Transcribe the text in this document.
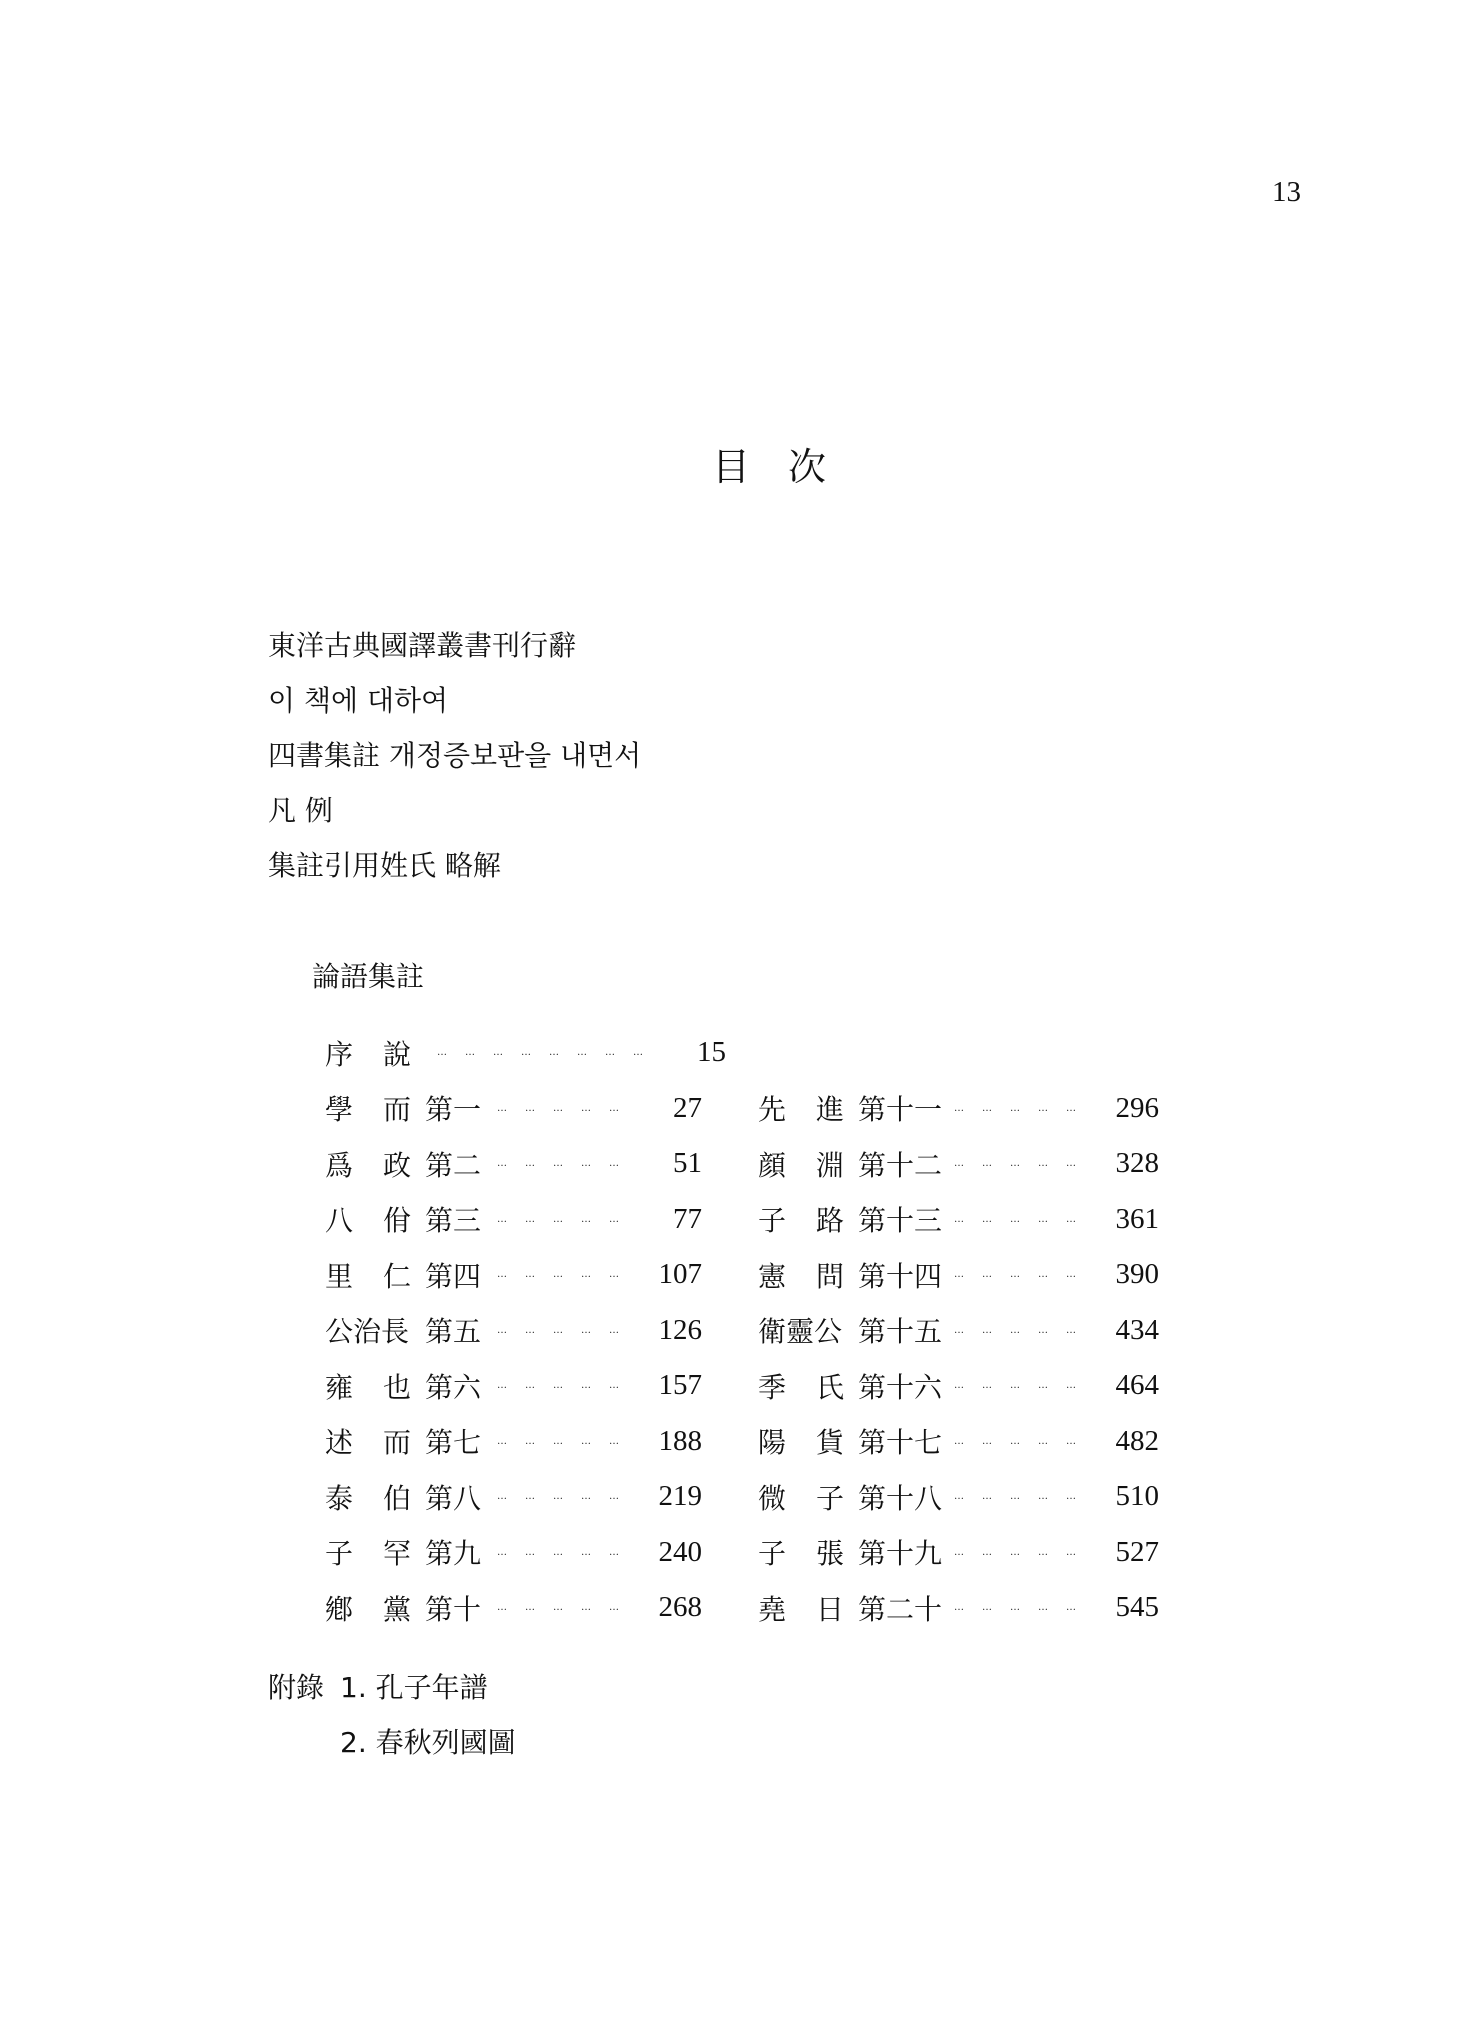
13
目次
東洋古典國譯叢書刊行辭
이 책에 대하여
四書集註 개정증보판을 내면서
凡 例
集註引用姓氏 略解
論語集註
序	說	……………………	15
學	而 第一	……………	27
爲	政 第二	……………	51
八	佾 第三	……………	77
里	仁 第四	…………… 107
公治長 第五	…………… 126
雍	也 第六	…………… 157
述	而 第七	…………… 188
泰	伯 第八	…………… 219
子	罕 第九	…………… 240
鄕	黨 第十	…………… 268
先	進 第十一 …………… 296
顔	淵 第十二 …………… 328
子	路 第十三 …………… 361
憲	問 第十四 …………… 390
衛靈公 第十五 …………… 434
季	氏 第十六 …………… 464
陽	貨 第十七 …………… 482
微	子 第十八 …………… 510
子	張 第十九 …………… 527
堯	日 第二十 …………… 545
附錄 1. 孔子年譜
2. 春秋列國圖
